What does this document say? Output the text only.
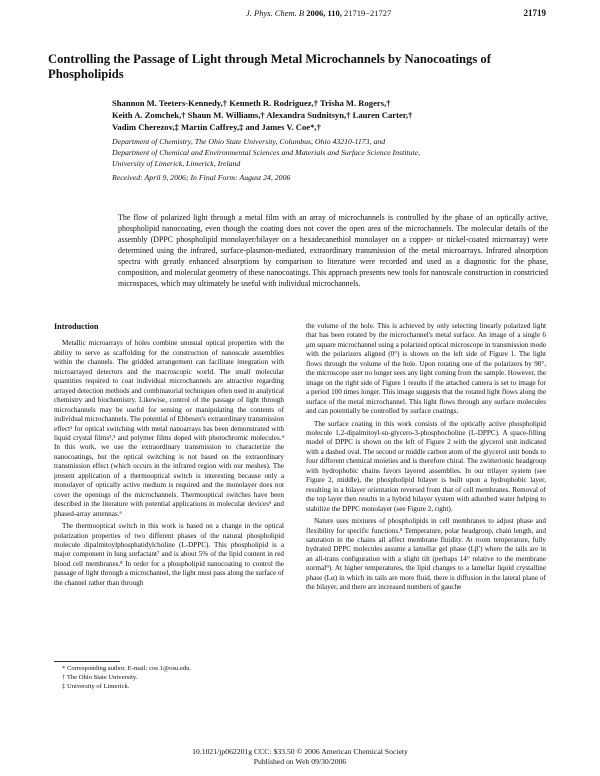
J. Phys. Chem. B 2006, 110, 21719−21727	21719
Controlling the Passage of Light through Metal Microchannels by Nanocoatings of Phospholipids
Shannon M. Teeters-Kennedy,† Kenneth R. Rodriguez,† Trisha M. Rogers,†
Keith A. Zomchek,† Shaun M. Williams,† Alexandra Sudnitsyn,† Lauren Carter,†
Vadim Cherezov,‡ Martin Caffrey,‡ and James V. Coe*,†
Department of Chemistry, The Ohio State University, Columbus, Ohio 43210-1173, and
Department of Chemical and Environmental Sciences and Materials and Surface Science Institute,
University of Limerick, Limerick, Ireland
Received: April 9, 2006; In Final Form: August 24, 2006

The flow of polarized light through a metal film with an array of microchannels is controlled by the phase of an optically active, phospholipid nanocoating, even though the coating does not cover the open area of the microchannels. The molecular details of the assembly (DPPC phospholipid monolayer/bilayer on a hexadecanethiol monolayer on a copper- or nickel-coated microarray) were determined using the infrared, surface-plasmon-mediated, extraordinary transmission of the metal microarrays. Infrared absorption spectra with greatly enhanced absorptions by comparison to literature were recorded and used as a diagnostic for the phase, composition, and molecular geometry of these nanocoatings. This approach presents new tools for nanoscale construction in constricted microspaces, which may ultimately be useful with individual microchannels.

Introduction

Metallic microarrays of holes combine unusual optical properties with the ability to serve as scaffolding for the construction of nanoscale assemblies within the channels. The gridded arrangement can facilitate integration with microarrayed detectors and the macroscopic world. The small molecular quantities required to coat individual microchannels are attractive regarding arrayed detection methods and combinatorial techniques often used in analytical chemistry and biochemistry. Likewise, control of the passage of light through microchannels may be useful for sensing or manipulating the contents of individual microchannels. The potential of Ebbesen's extraordinary transmission effect¹ for optical switching with metal nanoarrays has been demonstrated with liquid crystal films²,³ and polymer films doped with photochromic molecules.⁴ In this work, we use the extraordinary transmission to characterize the nanocoatings, but the optical switching is not based on the extraordinary transmission effect (which occurs in the infrared region with our meshes). The present application of a thermooptical switch is interesting because only a monolayer of optically active medium is required and the monolayer does not cover the openings of the microchannels. Thermooptical switches have been described in the literature with potential applications in molecular devices⁵ and phased-array antennas.⁶

The thermooptical switch in this work is based on a change in the optical polarization properties of two different phases of the natural phospholipid molecule dipalmitoylphosphatidylcholine (L-DPPC). This phospholipid is a major component in lung surfactant⁷ and is about 5% of the lipid content in red blood cell membranes.⁸ In order for a phospholipid nanocoating to control the passage of light through a microchannel, the light must pass along the surface of the channel rather than through

the volume of the hole. This is achieved by only selecting linearly polarized light that has been rotated by the microchannel's metal surface. An image of a single 6 μm square microchannel using a polarized optical microscope in transmission mode with the polarizers aligned (0°) is shown on the left side of Figure 1. The light flows through the volume of the hole. Upon rotating one of the polarizers by 90°, the microscope user no longer sees any light coming from the sample. However, the image on the right side of Figure 1 results if the attached camera is set to image for a period 100 times longer. This image suggests that the rotated light flows along the surface of the metal microchannel. This light flows through any surface molecules and can potentially be controlled by surface coatings.

The surface coating in this work consists of the optically active phospholipid molecule 1,2-dipalmitoyl-sn-glycero-3-phosphocholine (L-DPPC). A space-filling model of DPPC is shown on the left of Figure 2 with the glycerol unit indicated with a dashed oval. The second or middle carbon atom of the glycerol unit bonds to four different chemical moieties and is therefore chiral. The zwitterionic headgroup with hydrophobic chains favors layered assemblies. In our trilayer system (see Figure 2, middle), the phospholipid bilayer is built upon a hydrophobic layer, resulting in a bilayer orientation reversed from that of cell membranes. Removal of the top layer then results in a hybrid bilayer system with adsorbed water helping to stabilize the DPPC monolayer (see Figure 2, right).

Nature uses mixtures of phospholipids in cell membranes to adjust phase and flexibility for specific functions.⁸ Temperature, polar headgroup, chain length, and saturation in the chains all affect membrane fluidity. At room temperature, fully hydrated DPPC molecules assume a lamellar gel phase (Lβ′) where the tails are in an all-trans configuration with a slight tilt (perhaps 14° relative to the membrane normal⁹). At higher temperatures, the lipid changes to a lamellar liquid crystalline phase (Lα) in which its tails are more fluid, there is diffusion in the lateral plane of the bilayer, and there are increased numbers of gauche

* Corresponding author. E-mail: coe.1@osu.edu.
† The Ohio State University.
‡ University of Limerick.
10.1021/jp062201g CCC: $33.50 © 2006 American Chemical Society
Published on Web 09/30/2006
